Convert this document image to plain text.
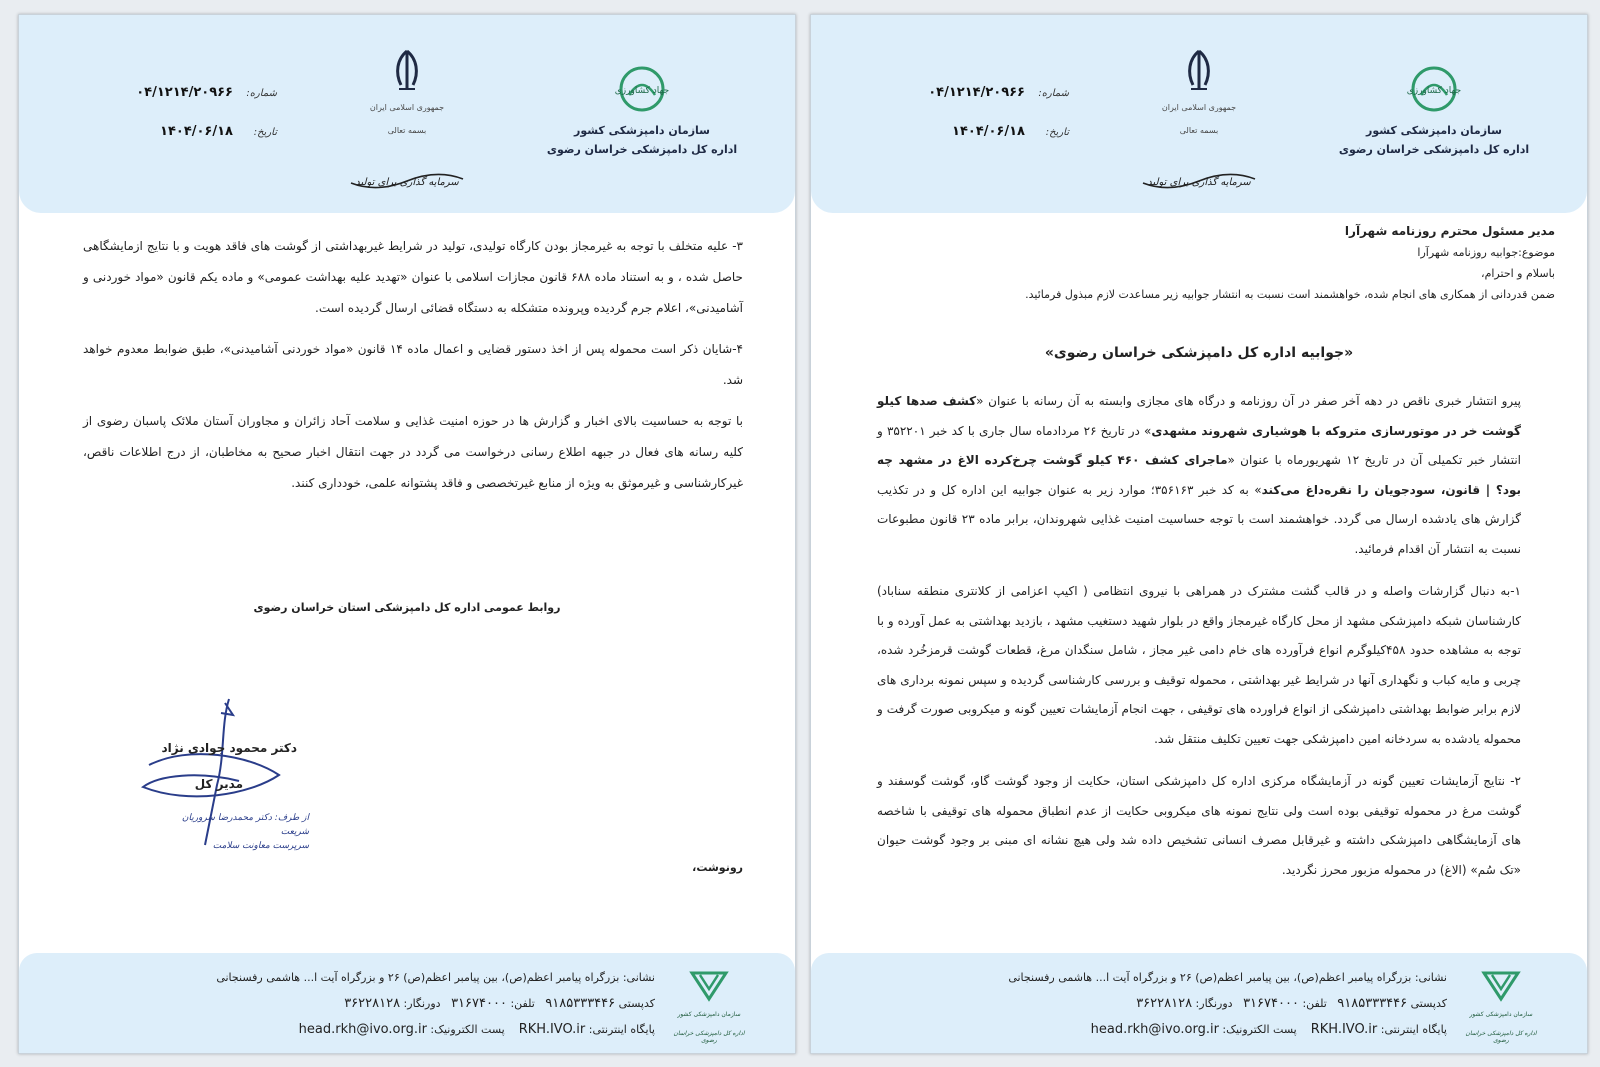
جهاد کشاورزی
سازمان دامپزشکی کشور
اداره کل دامپزشکی خراسان رضوی
جمهوری اسلامی ایران
بسمه تعالی
سرمایه گذاری برای تولید
شماره:
۰۴/۱۲۱۴/۲۰۹۶۶
تاریخ:
۱۴۰۴/۰۶/۱۸

۳- علیه متخلف با توجه به غیرمجاز بودن کارگاه تولیدی، تولید در شرایط غیربهداشتی از گوشت های فاقد هویت و با نتایج ازمایشگاهی حاصل شده ، و به استناد ماده ۶۸۸ قانون مجازات اسلامی با عنوان «تهدید علیه بهداشت عمومی» و ماده یکم قانون «مواد خوردنی و آشامیدنی»، اعلام جرم گردیده وپرونده متشکله به دستگاه قضائی ارسال گردیده است.

۴-شایان ذکر است محموله پس از اخذ دستور قضایی و اعمال ماده ۱۴ قانون «مواد خوردنی آشامیدنی»، طبق ضوابط معدوم خواهد شد.

با توجه به حساسیت بالای اخبار و گزارش ها در حوزه امنیت غذایی و سلامت آحاد زائران و مجاوران آستان ملائک پاسبان رضوی از کلیه رسانه های فعال در جبهه اطلاع رسانی درخواست می گردد در جهت انتقال اخبار صحیح به مخاطبان، از درج اطلاعات ناقص، غیرکارشناسی و غیرموثق به ویژه از منابع غیرتخصصی و فاقد پشتوانه علمی، خودداری کنند.

روابط عمومی اداره کل دامپزشکی استان خراسان رضوی
دکتر محمود جوادی نژاد
مدیر کل
از طرف: دکتر محمدرضا سروریان شریعت
سرپرست معاونت سلامت
رونوشت،
سازمان دامپزشکی کشور
اداره کل دامپزشکی خراسان رضوی
نشانی: بزرگراه پیامبر اعظم(ص)، بین پیامبر اعظم(ص) ۲۶ و بزرگراه آیت ا... هاشمی رفسنجانی
کدپستی ۹۱۸۵۳۳۳۴۴۶   تلفن: ۳۱۶۷۴۰۰۰   دورنگار: ۳۶۲۲۸۱۲۸
پایگاه اینترنتی: RKH.IVO.ir    پست الکترونیک: head.rkh@ivo.org.ir
جهاد کشاورزی
سازمان دامپزشکی کشور
اداره کل دامپزشکی خراسان رضوی
جمهوری اسلامی ایران
بسمه تعالی
سرمایه گذاری برای تولید
شماره:
۰۴/۱۲۱۴/۲۰۹۶۶
تاریخ:
۱۴۰۴/۰۶/۱۸
مدیر مسئول محترم روزنامه شهرآرا
موضوع:جوابیه روزنامه شهرآرا
باسلام و احترام،
ضمن قدردانی از همکاری های انجام شده، خواهشمند است نسبت به انتشار جوابیه زیر مساعدت لازم مبذول فرمائید.
«جوابیه اداره کل دامپزشکی خراسان رضوی»

پیرو انتشار خبری ناقص در دهه آخر صفر در آن روزنامه و درگاه های مجازی وابسته به آن رسانه با عنوان «کشف صدها کیلو گوشت خر در موتورسازی متروکه با هوشیاری شهروند مشهدی» در تاریخ ۲۶ مردادماه سال جاری با کد خبر ۳۵۲۲۰۱ و انتشار خبر تکمیلی آن در تاریخ ۱۲ شهریورماه با عنوان «ماجرای کشف ۴۶۰ کیلو گوشت چرخ‌کرده الاغ در مشهد چه بود؟ | قانون، سودجویان را نقره‌داغ می‌کند» به کد خبر ۳۵۶۱۶۳؛ موارد زیر به عنوان جوابیه این اداره کل و در تکذیب گزارش های یادشده ارسال می گردد. خواهشمند است با توجه حساسیت امنیت غذایی شهروندان، برابر ماده ۲۳ قانون مطبوعات نسبت به انتشار آن اقدام فرمائید.

۱-به دنبال گزارشات واصله و در قالب گشت مشترک در همراهی با نیروی انتظامی ( اکیپ اعزامی از کلانتری منطقه سناباد) کارشناسان شبکه دامپزشکی مشهد از محل کارگاه غیرمجاز واقع در بلوار شهید دستغیب مشهد ، بازدید بهداشتی به عمل آورده و با توجه به مشاهده حدود ۴۵۸کیلوگرم انواع فرآورده های خام دامی غیر مجاز ، شامل سنگدان مرغ، قطعات گوشت قرمزخُرد شده، چربی و مایه کباب و نگهداری آنها در شرایط غیر بهداشتی ، محموله توقیف و بررسی کارشناسی گردیده و سپس نمونه برداری های لازم برابر ضوابط بهداشتی دامپزشکی از انواع فراورده های توقیفی ، جهت انجام آزمایشات تعیین گونه و میکروبی صورت گرفت و محموله یادشده به سردخانه امین دامپزشکی جهت تعیین تکلیف منتقل شد.

۲- نتایج آزمایشات تعیین گونه در آزمایشگاه مرکزی اداره کل دامپزشکی استان، حکایت از وجود گوشت گاو، گوشت گوسفند و گوشت مرغ در محموله توقیفی بوده است ولی نتایج نمونه های میکروبی حکایت از عدم انطباق محموله های توقیفی با شاخصه های آزمایشگاهی دامپزشکی داشته و غیرقابل مصرف انسانی تشخیص داده شد ولی هیچ نشانه ای مبنی بر وجود گوشت حیوان «تک سُم» (الاغ) در محموله مزبور محرز نگردید.

سازمان دامپزشکی کشور
اداره کل دامپزشکی خراسان رضوی
نشانی: بزرگراه پیامبر اعظم(ص)، بین پیامبر اعظم(ص) ۲۶ و بزرگراه آیت ا... هاشمی رفسنجانی
کدپستی ۹۱۸۵۳۳۳۴۴۶   تلفن: ۳۱۶۷۴۰۰۰   دورنگار: ۳۶۲۲۸۱۲۸
پایگاه اینترنتی: RKH.IVO.ir    پست الکترونیک: head.rkh@ivo.org.ir
